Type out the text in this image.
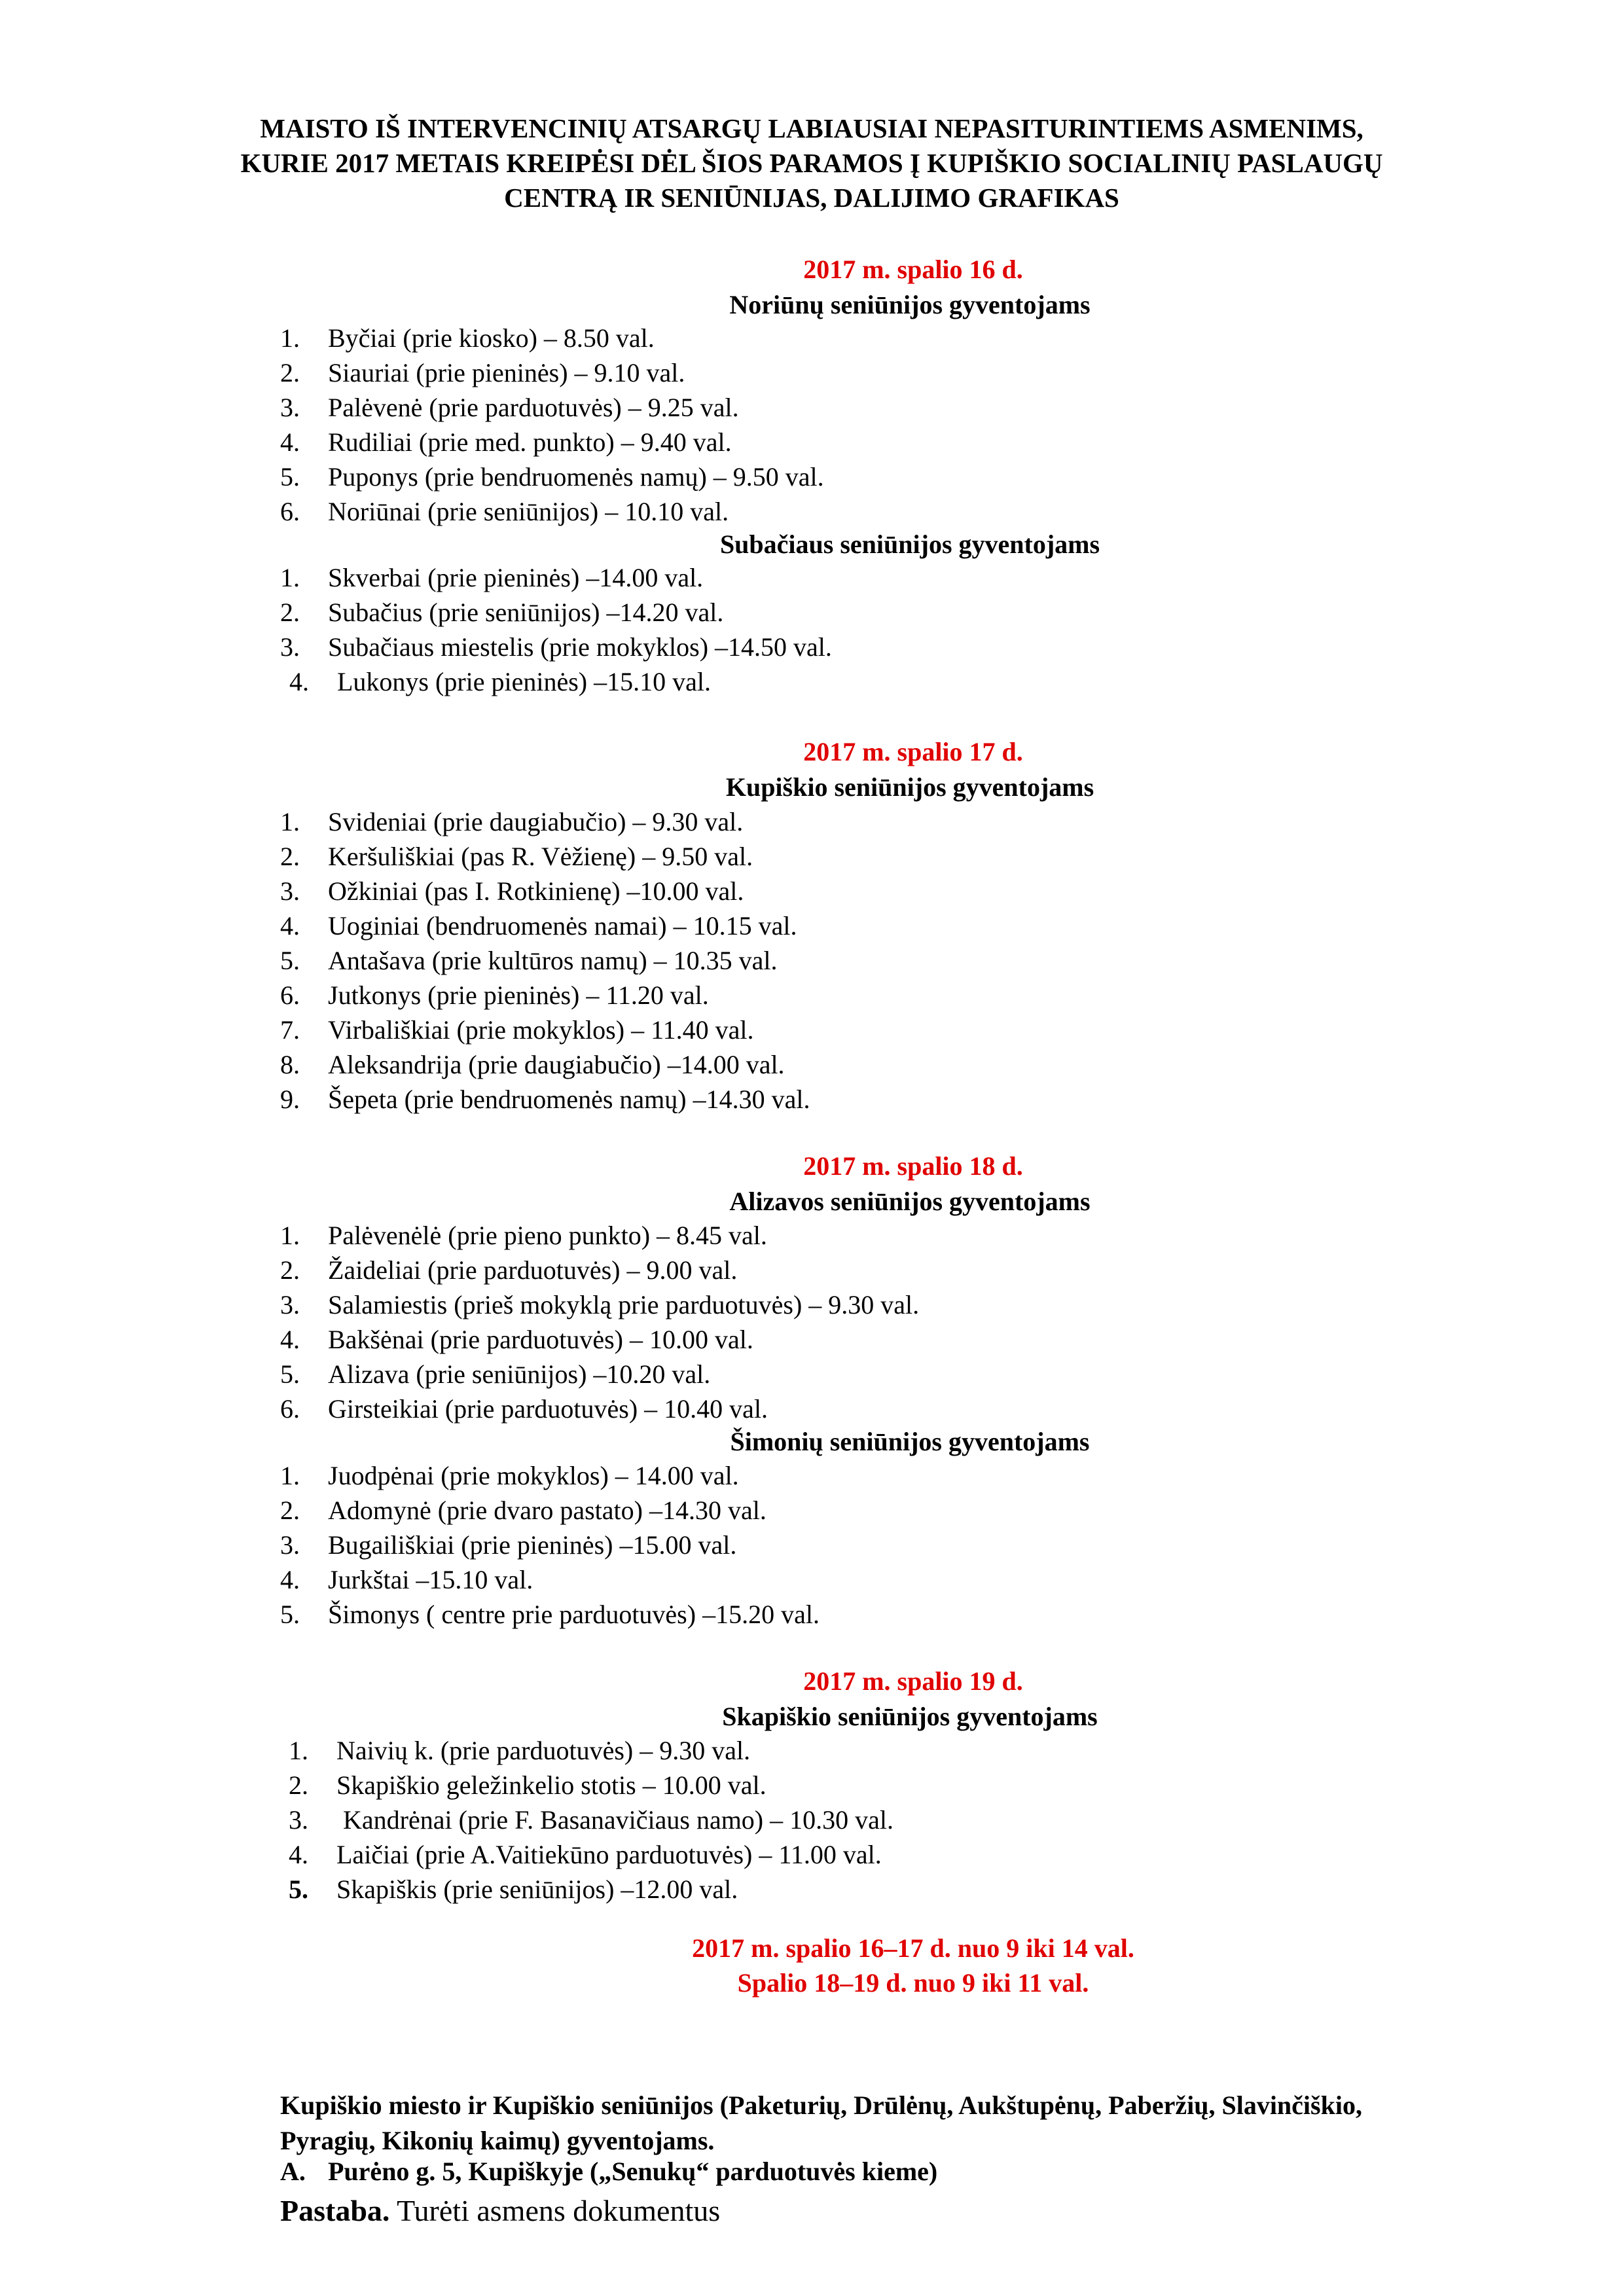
MAISTO IŠ INTERVENCINIŲ ATSARGŲ LABIAUSIAI NEPASITURINTIEMS ASMENIMS,
KURIE 2017 METAIS KREIPĖSI DĖL ŠIOS PARAMOS Į KUPIŠKIO SOCIALINIŲ PASLAUGŲ
CENTRĄ IR SENIŪNIJAS, DALIJIMO GRAFIKAS
2017 m. spalio 16 d.
Noriūnų seniūnijos gyventojams
1. Byčiai (prie kiosko) – 8.50 val.
2. Siauriai (prie pieninės) – 9.10 val.
3. Palėvenė (prie parduotuvės) – 9.25 val.
4. Rudiliai (prie med. punkto) – 9.40 val.
5. Puponys (prie bendruomenės namų) – 9.50 val.
6. Noriūnai (prie seniūnijos) – 10.10 val.
Subačiaus seniūnijos gyventojams
1. Skverbai (prie pieninės) –14.00 val.
2. Subačius (prie seniūnijos) –14.20 val.
3. Subačiaus miestelis (prie mokyklos) –14.50 val.
4. Lukonys (prie pieninės) –15.10 val.
2017 m. spalio 17 d.
Kupiškio seniūnijos gyventojams
1. Svideniai (prie daugiabučio) – 9.30 val.
2. Keršuliškiai (pas R. Vėžienę) – 9.50 val.
3. Ožkiniai (pas I. Rotkinienę) –10.00 val.
4. Uoginiai (bendruomenės namai) – 10.15 val.
5. Antašava (prie kultūros namų) – 10.35 val.
6. Jutkonys (prie pieninės) – 11.20 val.
7. Virbališkiai (prie mokyklos) – 11.40 val.
8. Aleksandrija (prie daugiabučio) –14.00 val.
9. Šepeta (prie bendruomenės namų) –14.30 val.
2017 m. spalio 18 d.
Alizavos seniūnijos gyventojams
1. Palėvenėlė (prie pieno punkto) – 8.45 val.
2. Žaideliai (prie parduotuvės) – 9.00 val.
3. Salamiestis (prieš mokyklą prie parduotuvės) – 9.30 val.
4. Bakšėnai (prie parduotuvės) – 10.00 val.
5. Alizava (prie seniūnijos) –10.20 val.
6. Girsteikiai (prie parduotuvės) – 10.40 val.
Šimonių seniūnijos gyventojams
1. Juodpėnai (prie mokyklos) – 14.00 val.
2. Adomynė (prie dvaro pastato) –14.30 val.
3. Bugailiškiai (prie pieninės) –15.00 val.
4. Jurkštai –15.10 val.
5. Šimonys ( centre prie parduotuvės) –15.20 val.
2017 m. spalio 19 d.
Skapiškio seniūnijos gyventojams
1. Naivių k. (prie parduotuvės) – 9.30 val.
2. Skapiškio geležinkelio stotis – 10.00 val.
3. Kandrėnai (prie F. Basanavičiaus namo) – 10.30 val.
4. Laičiai (prie A.Vaitiekūno parduotuvės) – 11.00 val.
5. Skapiškis (prie seniūnijos) –12.00 val.
2017 m. spalio 16–17 d. nuo 9 iki 14 val.
Spalio 18–19 d. nuo 9 iki 11 val.
Kupiškio miesto ir Kupiškio seniūnijos (Paketurių, Drūlėnų, Aukštupėnų, Paberžių, Slavinčiškio,
Pyragių, Kikonių kaimų) gyventojams.
A. Purėno g. 5, Kupiškyje („Senukų“ parduotuvės kieme)
Pastaba. Turėti asmens dokumentus
